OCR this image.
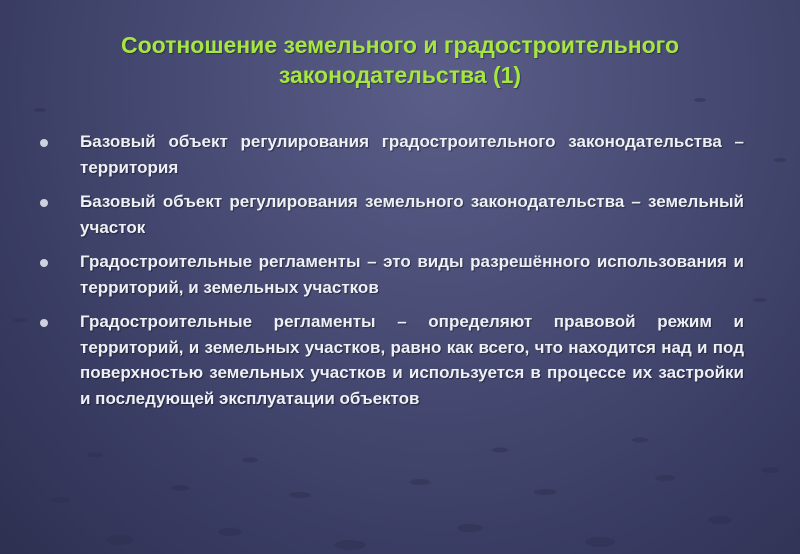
Соотношение земельного и градостроительного законодательства (1)
Базовый объект регулирования градостроительного законодательства – территория
Базовый объект регулирования земельного законодательства – земельный участок
Градостроительные регламенты – это виды разрешённого использования и территорий, и земельных участков
Градостроительные регламенты – определяют правовой режим и территорий, и земельных участков, равно как всего, что находится над и под поверхностью земельных участков и используется в процессе их застройки и последующей эксплуатации объектов
